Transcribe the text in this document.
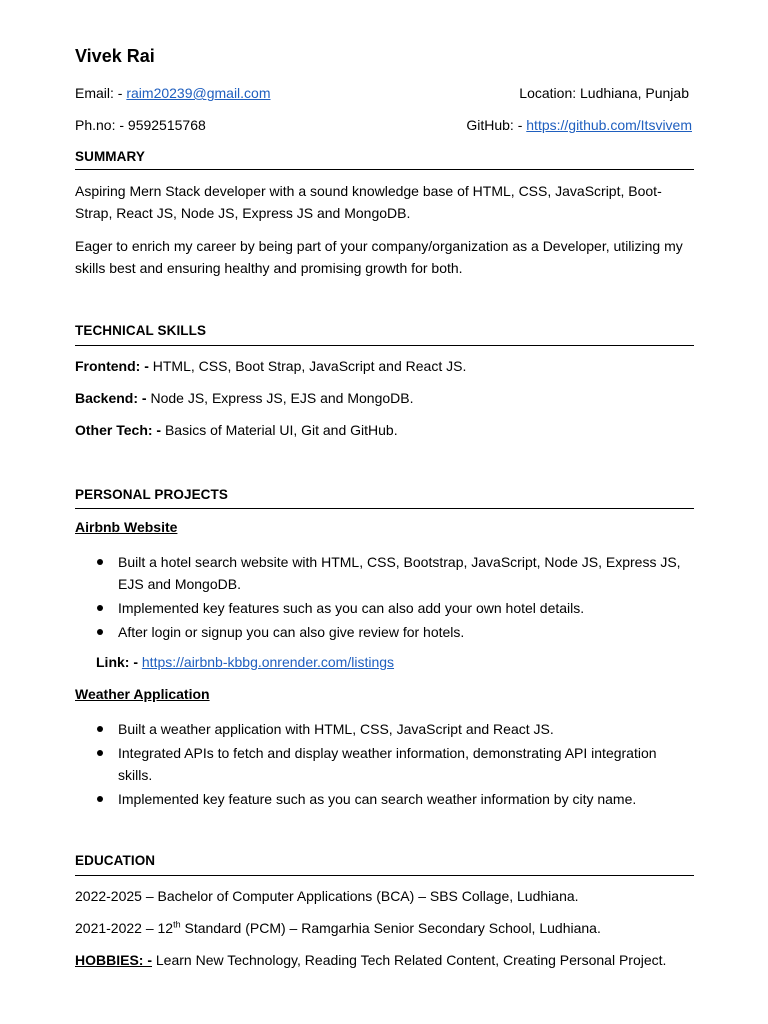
Vivek Rai
Email: - raim20239@gmail.com	Location: Ludhiana, Punjab
Ph.no: - 9592515768	GitHub: - https://github.com/Itsvivem
SUMMARY
Aspiring Mern Stack developer with a sound knowledge base of HTML, CSS, JavaScript, Boot-Strap, React JS, Node JS, Express JS and MongoDB.
Eager to enrich my career by being part of your company/organization as a Developer, utilizing my skills best and ensuring healthy and promising growth for both.
TECHNICAL SKILLS
Frontend: - HTML, CSS, Boot Strap, JavaScript and React JS.
Backend: - Node JS, Express JS, EJS and MongoDB.
Other Tech: - Basics of Material UI, Git and GitHub.
PERSONAL PROJECTS
Airbnb Website
Built a hotel search website with HTML, CSS, Bootstrap, JavaScript, Node JS, Express JS, EJS and MongoDB.
Implemented key features such as you can also add your own hotel details.
After login or signup you can also give review for hotels.
Link: - https://airbnb-kbbg.onrender.com/listings
Weather Application
Built a weather application with HTML, CSS, JavaScript and React JS.
Integrated APIs to fetch and display weather information, demonstrating API integration skills.
Implemented key feature such as you can search weather information by city name.
EDUCATION
2022-2025 – Bachelor of Computer Applications (BCA) – SBS Collage, Ludhiana.
2021-2022 – 12th Standard (PCM) – Ramgarhia Senior Secondary School, Ludhiana.
HOBBIES: - Learn New Technology, Reading Tech Related Content, Creating Personal Project.
